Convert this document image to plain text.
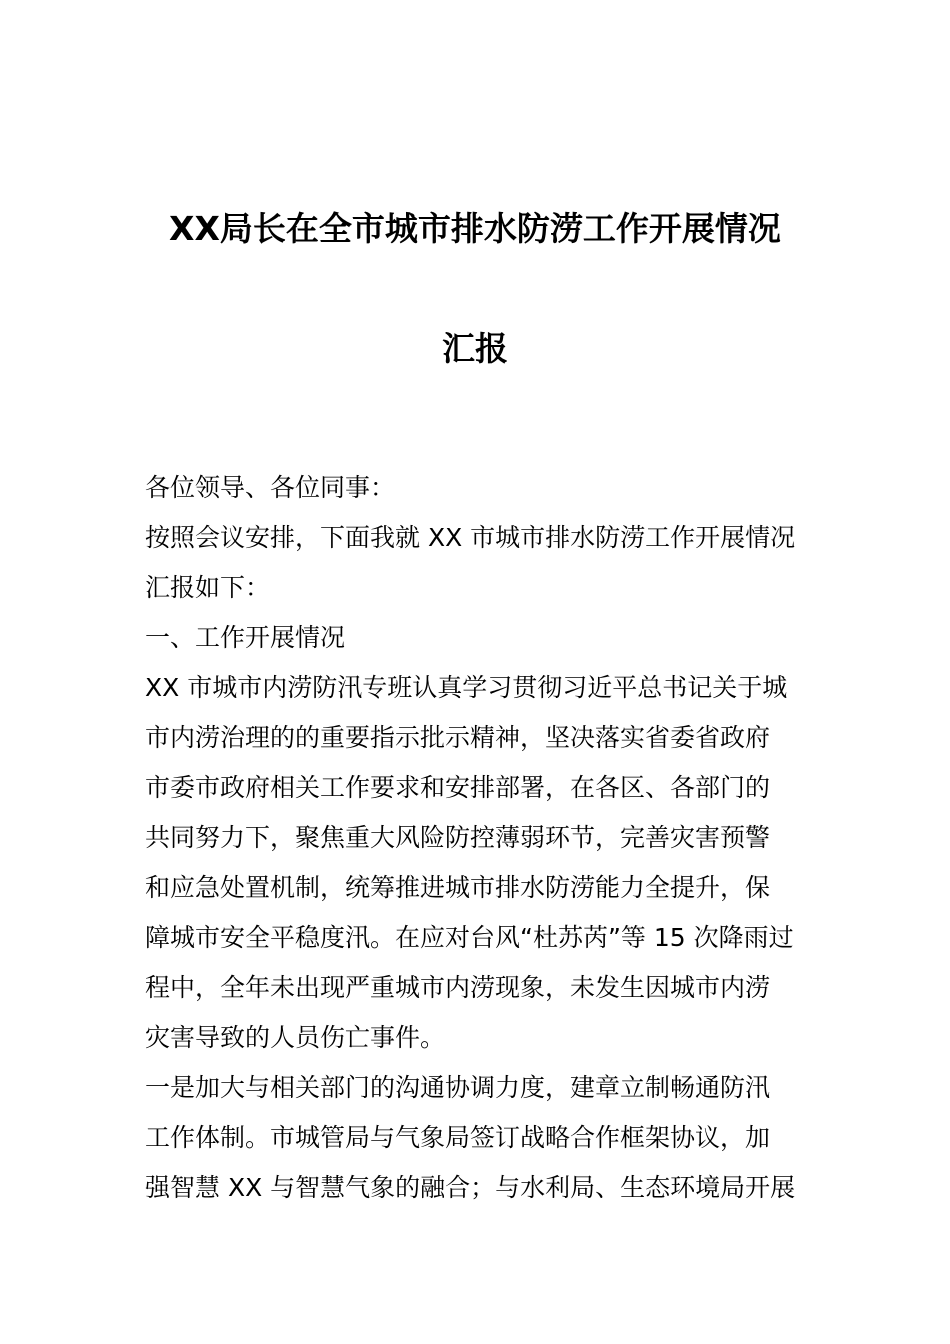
XX局长在全市城市排水防涝工作开展情况
汇报
各位领导、各位同事：
按照会议安排，下面我就 XX 市城市排水防涝工作开展情况
汇报如下：
一、工作开展情况
XX 市城市内涝防汛专班认真学习贯彻习近平总书记关于城
市内涝治理的的重要指示批示精神，坚决落实省委省政府
市委市政府相关工作要求和安排部署，在各区、各部门的
共同努力下，聚焦重大风险防控薄弱环节，完善灾害预警
和应急处置机制，统筹推进城市排水防涝能力全提升，保
障城市安全平稳度汛。在应对台风“杜苏芮”等 15 次降雨过
程中，全年未出现严重城市内涝现象，未发生因城市内涝
灾害导致的人员伤亡事件。
一是加大与相关部门的沟通协调力度，建章立制畅通防汛
工作体制。市城管局与气象局签订战略合作框架协议，加
强智慧 XX 与智慧气象的融合；与水利局、生态环境局开展
